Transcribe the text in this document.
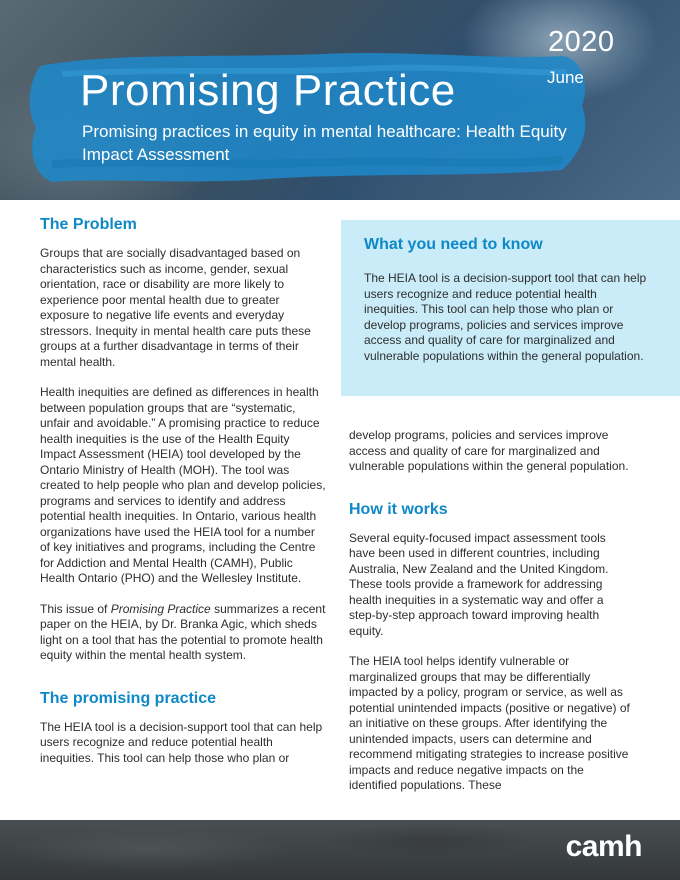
2020
June
Promising Practice
Promising practices in equity in mental healthcare: Health Equity Impact Assessment
The Problem

Groups that are socially disadvantaged based on characteristics such as income, gender, sexual orientation, race or disability are more likely to experience poor mental health due to greater exposure to negative life events and everyday stressors. Inequity in mental health care puts these groups at a further disadvantage in terms of their mental health.

Health inequities are defined as differences in health between population groups that are “systematic, unfair and avoidable.” A promising practice to reduce health inequities is the use of the Health Equity Impact Assessment (HEIA) tool developed by the Ontario Ministry of Health (MOH). The tool was created to help people who plan and develop policies, programs and services to identify and address potential health inequities. In Ontario, various health organizations have used the HEIA tool for a number of key initiatives and programs, including the Centre for Addiction and Mental Health (CAMH), Public Health Ontario (PHO) and the Wellesley Institute.

This issue of Promising Practice summarizes a recent paper on the HEIA, by Dr. Branka Agic, which sheds light on a tool that has the potential to promote health equity within the mental health system.

The promising practice

The HEIA tool is a decision-support tool that can help users recognize and reduce potential health inequities. This tool can help those who plan or

What you need to know

The HEIA tool is a decision-support tool that can help users recognize and reduce potential health inequities. This tool can help those who plan or develop programs, policies and services improve access and quality of care for marginalized and vulnerable populations within the general population.

develop programs, policies and services improve access and quality of care for marginalized and vulnerable populations within the general population.

How it works

Several equity-focused impact assessment tools have been used in different countries, including Australia, New Zealand and the United Kingdom. These tools provide a framework for addressing health inequities in a systematic way and offer a step-by-step approach toward improving health equity.

The HEIA tool helps identify vulnerable or marginalized groups that may be differentially impacted by a policy, program or service, as well as potential unintended impacts (positive or negative) of an initiative on these groups. After identifying the unintended impacts, users can determine and recommend mitigating strategies to increase positive impacts and reduce negative impacts on the identified populations. These

camh
